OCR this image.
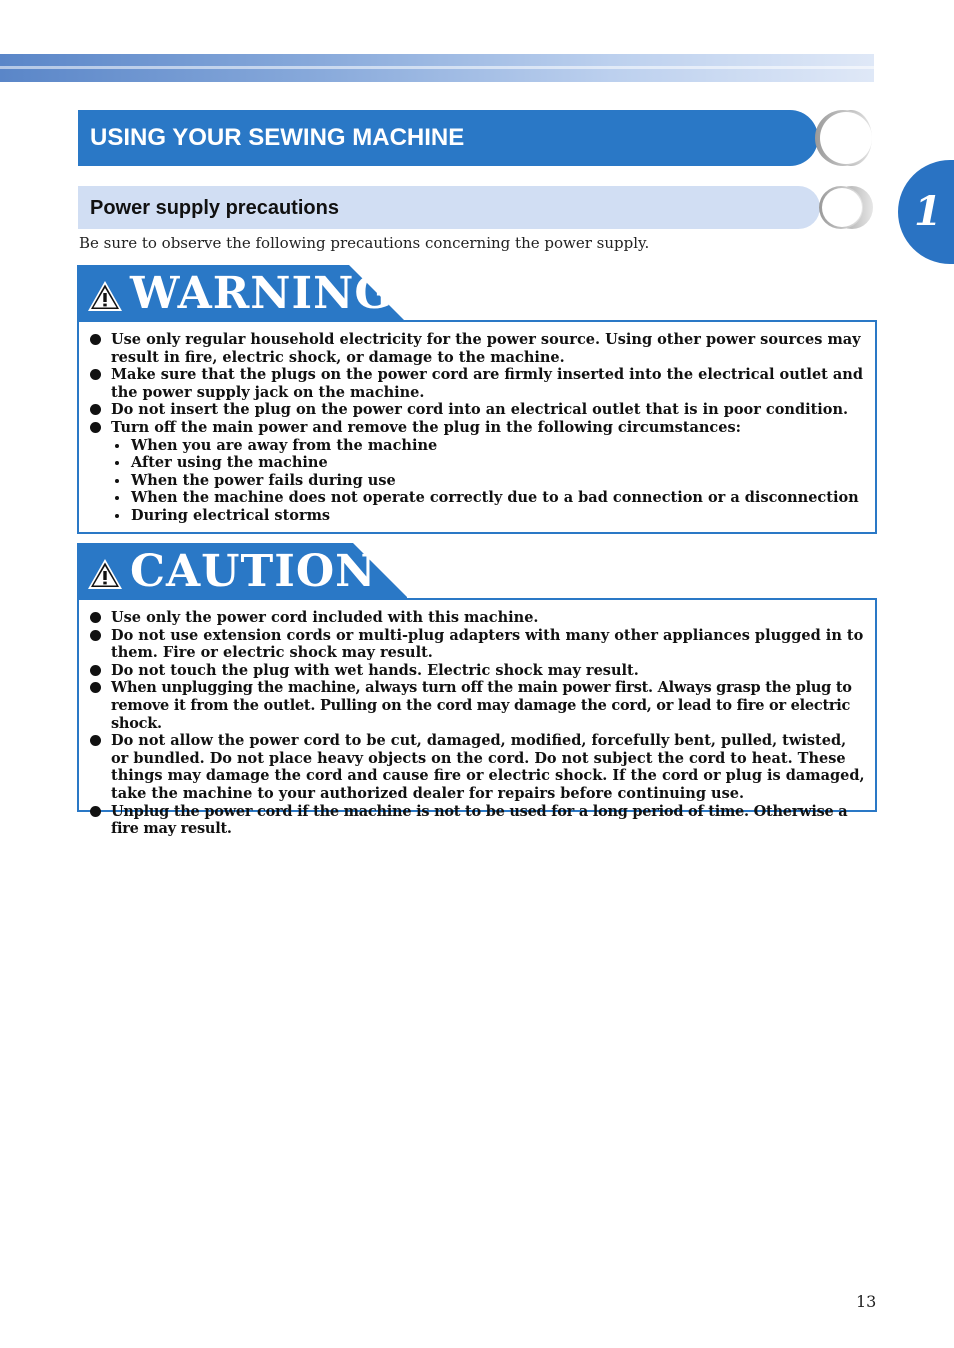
1
USING YOUR SEWING MACHINE
Power supply precautions
Be sure to observe the following precautions concerning the power supply.
WARNING
Use only regular household electricity for the power source. Using other power sources may result in fire, electric shock, or damage to the machine.
Make sure that the plugs on the power cord are firmly inserted into the electrical outlet and the power supply jack on the machine.
Do not insert the plug on the power cord into an electrical outlet that is in poor condition.
Turn off the main power and remove the plug in the following circumstances:
When you are away from the machine
After using the machine
When the power fails during use
When the machine does not operate correctly due to a bad connection or a disconnection
During electrical storms
CAUTION
Use only the power cord included with this machine.
Do not use extension cords or multi-plug adapters with many other appliances plugged in to them. Fire or electric shock may result.
Do not touch the plug with wet hands. Electric shock may result.
When unplugging the machine, always turn off the main power first. Always grasp the plug to remove it from the outlet. Pulling on the cord may damage the cord, or lead to fire or electric shock.
Do not allow the power cord to be cut, damaged, modified, forcefully bent, pulled, twisted, or bundled. Do not place heavy objects on the cord. Do not subject the cord to heat. These things may damage the cord and cause fire or electric shock. If the cord or plug is damaged, take the machine to your authorized dealer for repairs before continuing use.
Unplug the power cord if the machine is not to be used for a long period of time. Otherwise a fire may result.
13
